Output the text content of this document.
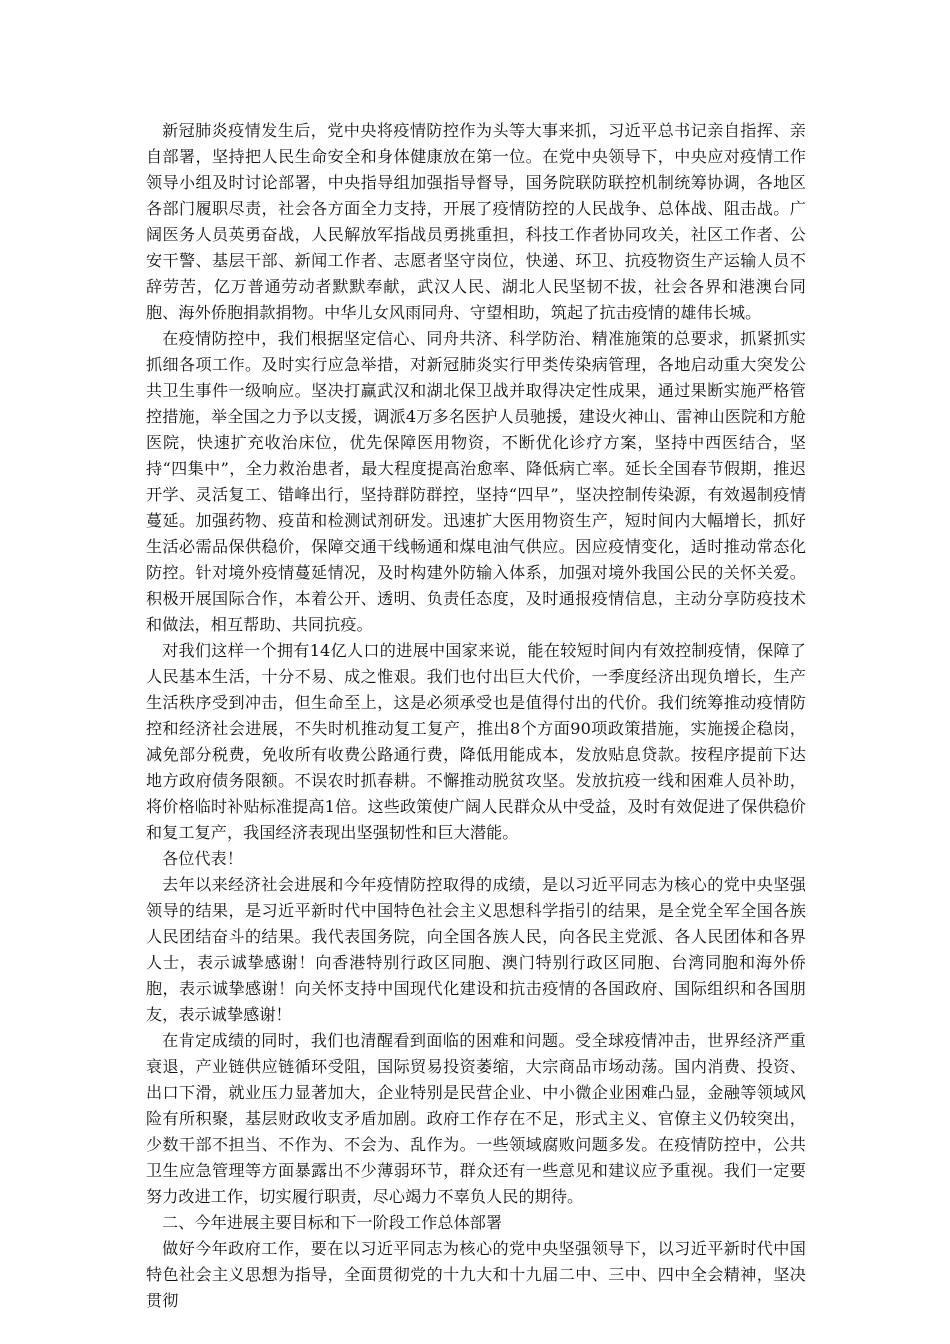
新冠肺炎疫情发生后，党中央将疫情防控作为头等大事来抓，习近平总书记亲自指挥、亲自部署，坚持把人民生命安全和身体健康放在第一位。在党中央领导下，中央应对疫情工作领导小组及时讨论部署，中央指导组加强指导督导，国务院联防联控机制统筹协调，各地区各部门履职尽责，社会各方面全力支持，开展了疫情防控的人民战争、总体战、阻击战。广阔医务人员英勇奋战，人民解放军指战员勇挑重担，科技工作者协同攻关，社区工作者、公安干警、基层干部、新闻工作者、志愿者坚守岗位，快递、环卫、抗疫物资生产运输人员不辞劳苦，亿万普通劳动者默默奉献，武汉人民、湖北人民坚韧不拔，社会各界和港澳台同胞、海外侨胞捐款捐物。中华儿女风雨同舟、守望相助，筑起了抗击疫情的雄伟长城。

在疫情防控中，我们根据坚定信心、同舟共济、科学防治、精准施策的总要求，抓紧抓实抓细各项工作。及时实行应急举措，对新冠肺炎实行甲类传染病管理，各地启动重大突发公共卫生事件一级响应。坚决打赢武汉和湖北保卫战并取得决定性成果，通过果断实施严格管控措施，举全国之力予以支援，调派4万多名医护人员驰援，建设火神山、雷神山医院和方舱医院，快速扩充收治床位，优先保障医用物资，不断优化诊疗方案，坚持中西医结合，坚持“四集中”，全力救治患者，最大程度提高治愈率、降低病亡率。延长全国春节假期，推迟开学、灵活复工、错峰出行，坚持群防群控，坚持“四早”，坚决控制传染源，有效遏制疫情蔓延。加强药物、疫苗和检测试剂研发。迅速扩大医用物资生产，短时间内大幅增长，抓好生活必需品保供稳价，保障交通干线畅通和煤电油气供应。因应疫情变化，适时推动常态化防控。针对境外疫情蔓延情况，及时构建外防输入体系，加强对境外我国公民的关怀关爱。积极开展国际合作，本着公开、透明、负责任态度，及时通报疫情信息，主动分享防疫技术和做法，相互帮助、共同抗疫。

对我们这样一个拥有14亿人口的进展中国家来说，能在较短时间内有效控制疫情，保障了人民基本生活，十分不易、成之惟艰。我们也付出巨大代价，一季度经济出现负增长，生产生活秩序受到冲击，但生命至上，这是必须承受也是值得付出的代价。我们统筹推动疫情防控和经济社会进展，不失时机推动复工复产，推出8个方面90项政策措施，实施援企稳岗，减免部分税费，免收所有收费公路通行费，降低用能成本，发放贴息贷款。按程序提前下达地方政府债务限额。不误农时抓春耕。不懈推动脱贫攻坚。发放抗疫一线和困难人员补助，将价格临时补贴标准提高1倍。这些政策使广阔人民群众从中受益，及时有效促进了保供稳价和复工复产，我国经济表现出坚强韧性和巨大潜能。

各位代表！

去年以来经济社会进展和今年疫情防控取得的成绩，是以习近平同志为核心的党中央坚强领导的结果，是习近平新时代中国特色社会主义思想科学指引的结果，是全党全军全国各族人民团结奋斗的结果。我代表国务院，向全国各族人民，向各民主党派、各人民团体和各界人士，表示诚挚感谢！向香港特别行政区同胞、澳门特别行政区同胞、台湾同胞和海外侨胞，表示诚挚感谢！向关怀支持中国现代化建设和抗击疫情的各国政府、国际组织和各国朋友，表示诚挚感谢！

在肯定成绩的同时，我们也清醒看到面临的困难和问题。受全球疫情冲击，世界经济严重衰退，产业链供应链循环受阻，国际贸易投资萎缩，大宗商品市场动荡。国内消费、投资、出口下滑，就业压力显著加大，企业特别是民营企业、中小微企业困难凸显，金融等领域风险有所积聚，基层财政收支矛盾加剧。政府工作存在不足，形式主义、官僚主义仍较突出，少数干部不担当、不作为、不会为、乱作为。一些领域腐败问题多发。在疫情防控中，公共卫生应急管理等方面暴露出不少薄弱环节，群众还有一些意见和建议应予重视。我们一定要努力改进工作，切实履行职责，尽心竭力不辜负人民的期待。

二、今年进展主要目标和下一阶段工作总体部署

做好今年政府工作，要在以习近平同志为核心的党中央坚强领导下，以习近平新时代中国特色社会主义思想为指导，全面贯彻党的十九大和十九届二中、三中、四中全会精神，坚决贯彻
